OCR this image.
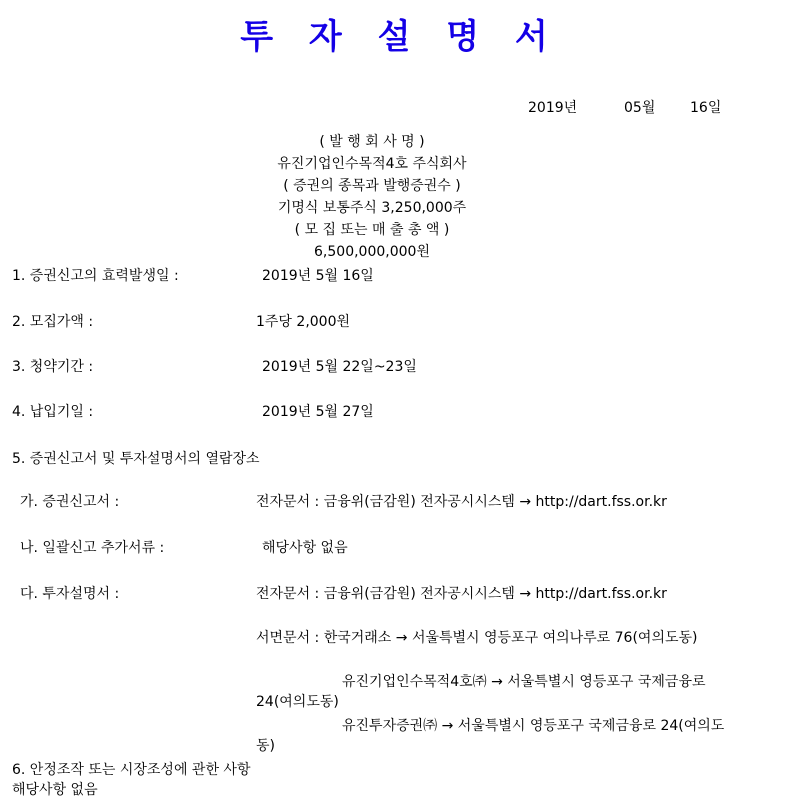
투 자 설 명 서
2019년	05월 16일
( 발 행 회 사 명 )
유진기업인수목적4호 주식회사
( 증권의 종목과 발행증권수 )
기명식 보통주식 3,250,000주
( 모 집 또는 매 출 총 액 )
6,500,000,000원
1. 증권신고의 효력발생일 :	2019년 5월 16일
2. 모집가액 :	1주당 2,000원
3. 청약기간 :	2019년 5월 22일~23일
4. 납입기일 :	2019년 5월 27일
5. 증권신고서 및 투자설명서의 열람장소
가. 증권신고서 :	전자문서 : 금융위(금감원) 전자공시시스템 → http://dart.fss.or.kr
나. 일괄신고 추가서류 :	해당사항 없음
다. 투자설명서 :	전자문서 : 금융위(금감원) 전자공시시스템 → http://dart.fss.or.kr
서면문서 : 한국거래소 → 서울특별시 영등포구 여의나루로 76(여의도동)
유진기업인수목적4호㈜ → 서울특별시 영등포구 국제금융로 24(여의도동)
유진투자증권㈜ → 서울특별시 영등포구 국제금융로 24(여의도동)
6. 안정조작 또는 시장조성에 관한 사항
해당사항 없음
